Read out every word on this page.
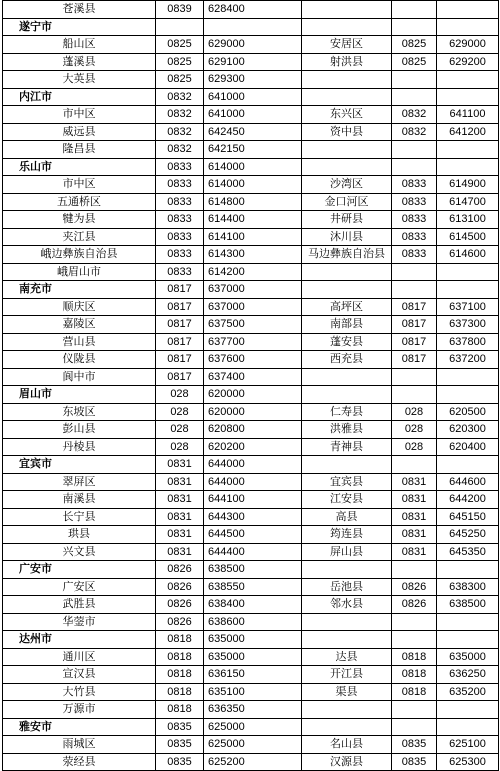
苍溪县	0839	628400			
遂宁市					
船山区	0825	629000	安居区	0825	629000
蓬溪县	0825	629100	射洪县	0825	629200
大英县	0825	629300			
内江市	0832	641000			
市中区	0832	641000	东兴区	0832	641100
威远县	0832	642450	资中县	0832	641200
隆昌县	0832	642150			
乐山市	0833	614000			
市中区	0833	614000	沙湾区	0833	614900
五通桥区	0833	614800	金口河区	0833	614700
犍为县	0833	614400	井研县	0833	613100
夹江县	0833	614100	沐川县	0833	614500
峨边彝族自治县	0833	614300	马边彝族自治县	0833	614600
峨眉山市	0833	614200			
南充市	0817	637000			
顺庆区	0817	637000	高坪区	0817	637100
嘉陵区	0817	637500	南部县	0817	637300
营山县	0817	637700	蓬安县	0817	637800
仪陇县	0817	637600	西充县	0817	637200
阆中市	0817	637400			
眉山市	028	620000			
东坡区	028	620000	仁寿县	028	620500
彭山县	028	620800	洪雅县	028	620300
丹棱县	028	620200	青神县	028	620400
宜宾市	0831	644000			
翠屏区	0831	644000	宜宾县	0831	644600
南溪县	0831	644100	江安县	0831	644200
长宁县	0831	644300	高县	0831	645150
珙县	0831	644500	筠连县	0831	645250
兴文县	0831	644400	屏山县	0831	645350
广安市	0826	638500			
广安区	0826	638550	岳池县	0826	638300
武胜县	0826	638400	邻水县	0826	638500
华蓥市	0826	638600			
达州市	0818	635000			
通川区	0818	635000	达县	0818	635000
宣汉县	0818	636150	开江县	0818	636250
大竹县	0818	635100	渠县	0818	635200
万源市	0818	636350			
雅安市	0835	625000			
雨城区	0835	625000	名山县	0835	625100
荥经县	0835	625200	汉源县	0835	625300
